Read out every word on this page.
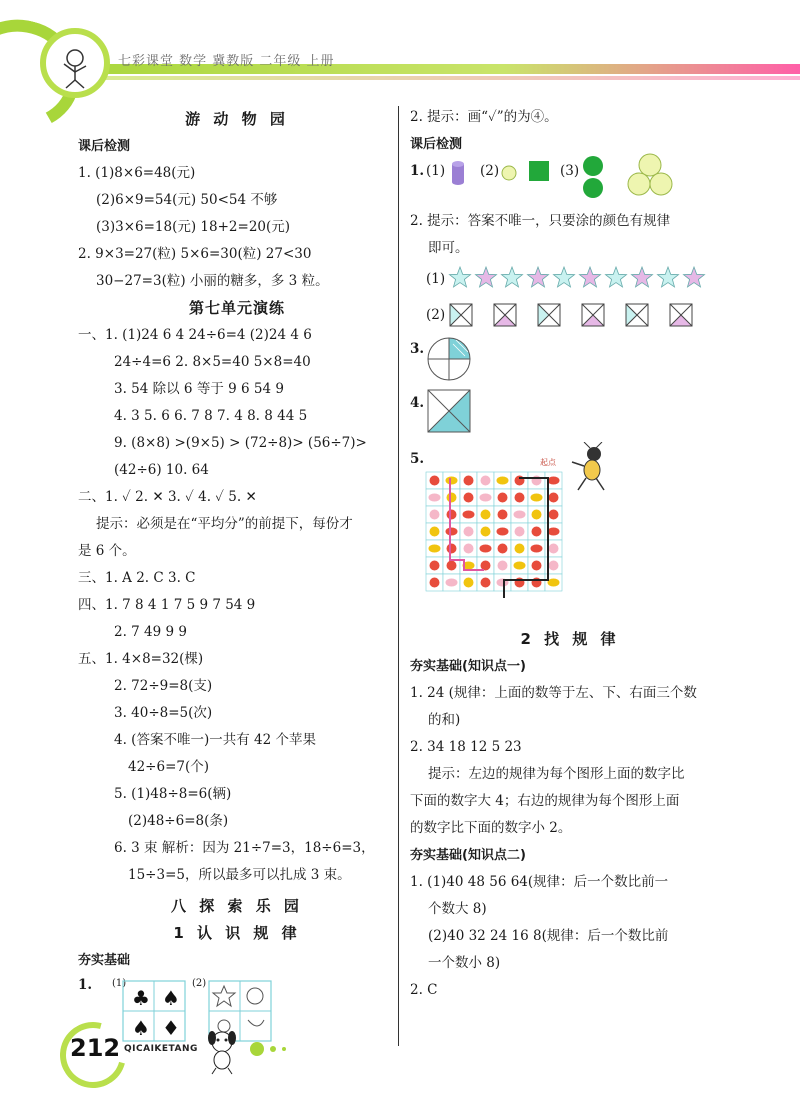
七彩课堂 数学 冀教版 二年级 上册
游 动 物 园
课后检测
1. (1)8×6=48(元)
(2)6×9=54(元) 50<54 不够
(3)3×6=18(元) 18+2=20(元)
2. 9×3=27(粒) 5×6=30(粒) 27<30
30−27=3(粒) 小丽的糖多，多 3 粒。
第七单元演练
一、1. (1)24 6 4 24÷6=4 (2)24 4 6
24÷4=6 2. 8×5=40 5×8=40
3. 54 除以 6 等于 9 6 54 9
4. 3 5. 6 6. 7 8 7. 4 8. 8 44 5
9. (8×8) >(9×5) > (72÷8)> (56÷7)>
(42÷6) 10. 64
二、1. ✓ 2. ✕ 3. ✓ 4. ✓ 5. ✕
提示：必须是在“平均分”的前提下，每份才
是 6 个。
三、1. A 2. C 3. C
四、1. 7 8 4 1 7 5 9 7 54 9
2. 7 49 9 9
五、1. 4×8=32(棵)
2. 72÷9=8(支)
3. 40÷8=5(次)
4. (答案不唯一)一共有 42 个苹果
42÷6=7(个)
5. (1)48÷8=6(辆)
(2)48÷6=8(条)
6. 3 束 解析：因为 21÷7=3，18÷6=3，
15÷3=5，所以最多可以扎成 3 束。
八 探 索 乐 园
1 认 识 规 律
夯实基础
1. (1)
♣ ♠
♠ ♦
(2)
2. 提示：画“✓”的为④。
课后检测
1. (1)	(2)	(3)
2. 提示：答案不唯一，只要涂的颜色有规律
即可。
(1)
(2)
3.
4.
5.	起点
2 找 规 律
夯实基础(知识点一)
1. 24 (规律：上面的数等于左、下、右面三个数
的和)
2. 34 18 12 5 23
提示：左边的规律为每个图形上面的数字比
下面的数字大 4；右边的规律为每个图形上面
的数字比下面的数字小 2。
夯实基础(知识点二)
1. (1)40 48 56 64(规律：后一个数比前一
个数大 8)
(2)40 32 24 16 8(规律：后一个数比前
一个数小 8)
2. C
212 QICAIKETANG
